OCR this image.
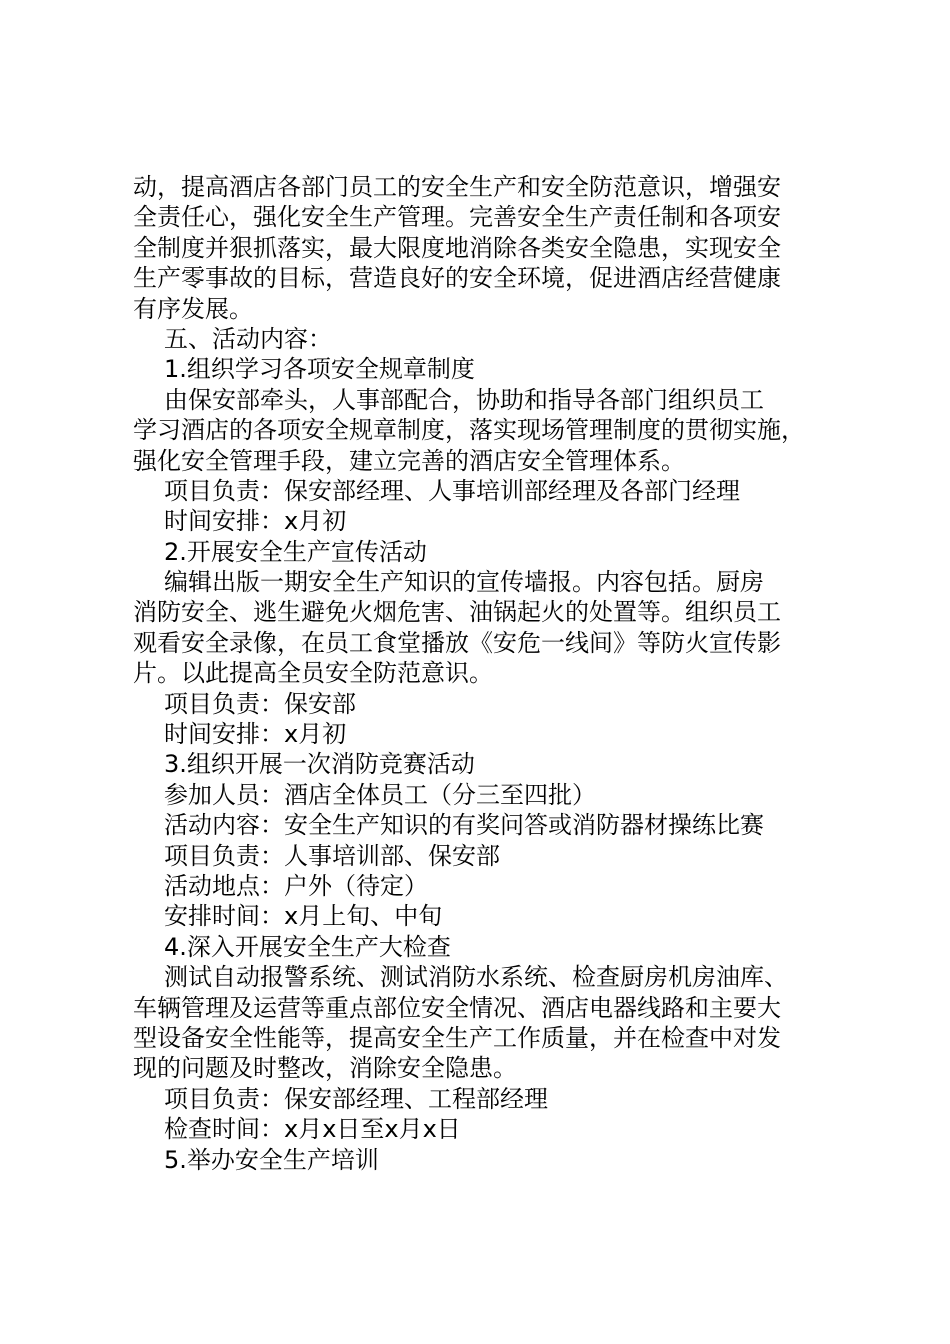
动，提高酒店各部门员工的安全生产和安全防范意识，增强安
全责任心，强化安全生产管理。完善安全生产责任制和各项安
全制度并狠抓落实，最大限度地消除各类安全隐患，实现安全
生产零事故的目标，营造良好的安全环境，促进酒店经营健康
有序发展。
五、活动内容：
1.组织学习各项安全规章制度
由保安部牵头，人事部配合，协助和指导各部门组织员工
学习酒店的各项安全规章制度，落实现场管理制度的贯彻实施，
强化安全管理手段，建立完善的酒店安全管理体系。
项目负责：保安部经理、人事培训部经理及各部门经理
时间安排：x月初
2.开展安全生产宣传活动
编辑出版一期安全生产知识的宣传墙报。内容包括。厨房
消防安全、逃生避免火烟危害、油锅起火的处置等。组织员工
观看安全录像，在员工食堂播放《安危一线间》等防火宣传影
片。以此提高全员安全防范意识。
项目负责：保安部
时间安排：x月初
3.组织开展一次消防竞赛活动
参加人员：酒店全体员工（分三至四批）
活动内容：安全生产知识的有奖问答或消防器材操练比赛
项目负责：人事培训部、保安部
活动地点：户外（待定）
安排时间：x月上旬、中旬
4.深入开展安全生产大检查
测试自动报警系统、测试消防水系统、检查厨房机房油库、
车辆管理及运营等重点部位安全情况、酒店电器线路和主要大
型设备安全性能等，提高安全生产工作质量，并在检查中对发
现的问题及时整改，消除安全隐患。
项目负责：保安部经理、工程部经理
检查时间：x月x日至x月x日
5.举办安全生产培训
